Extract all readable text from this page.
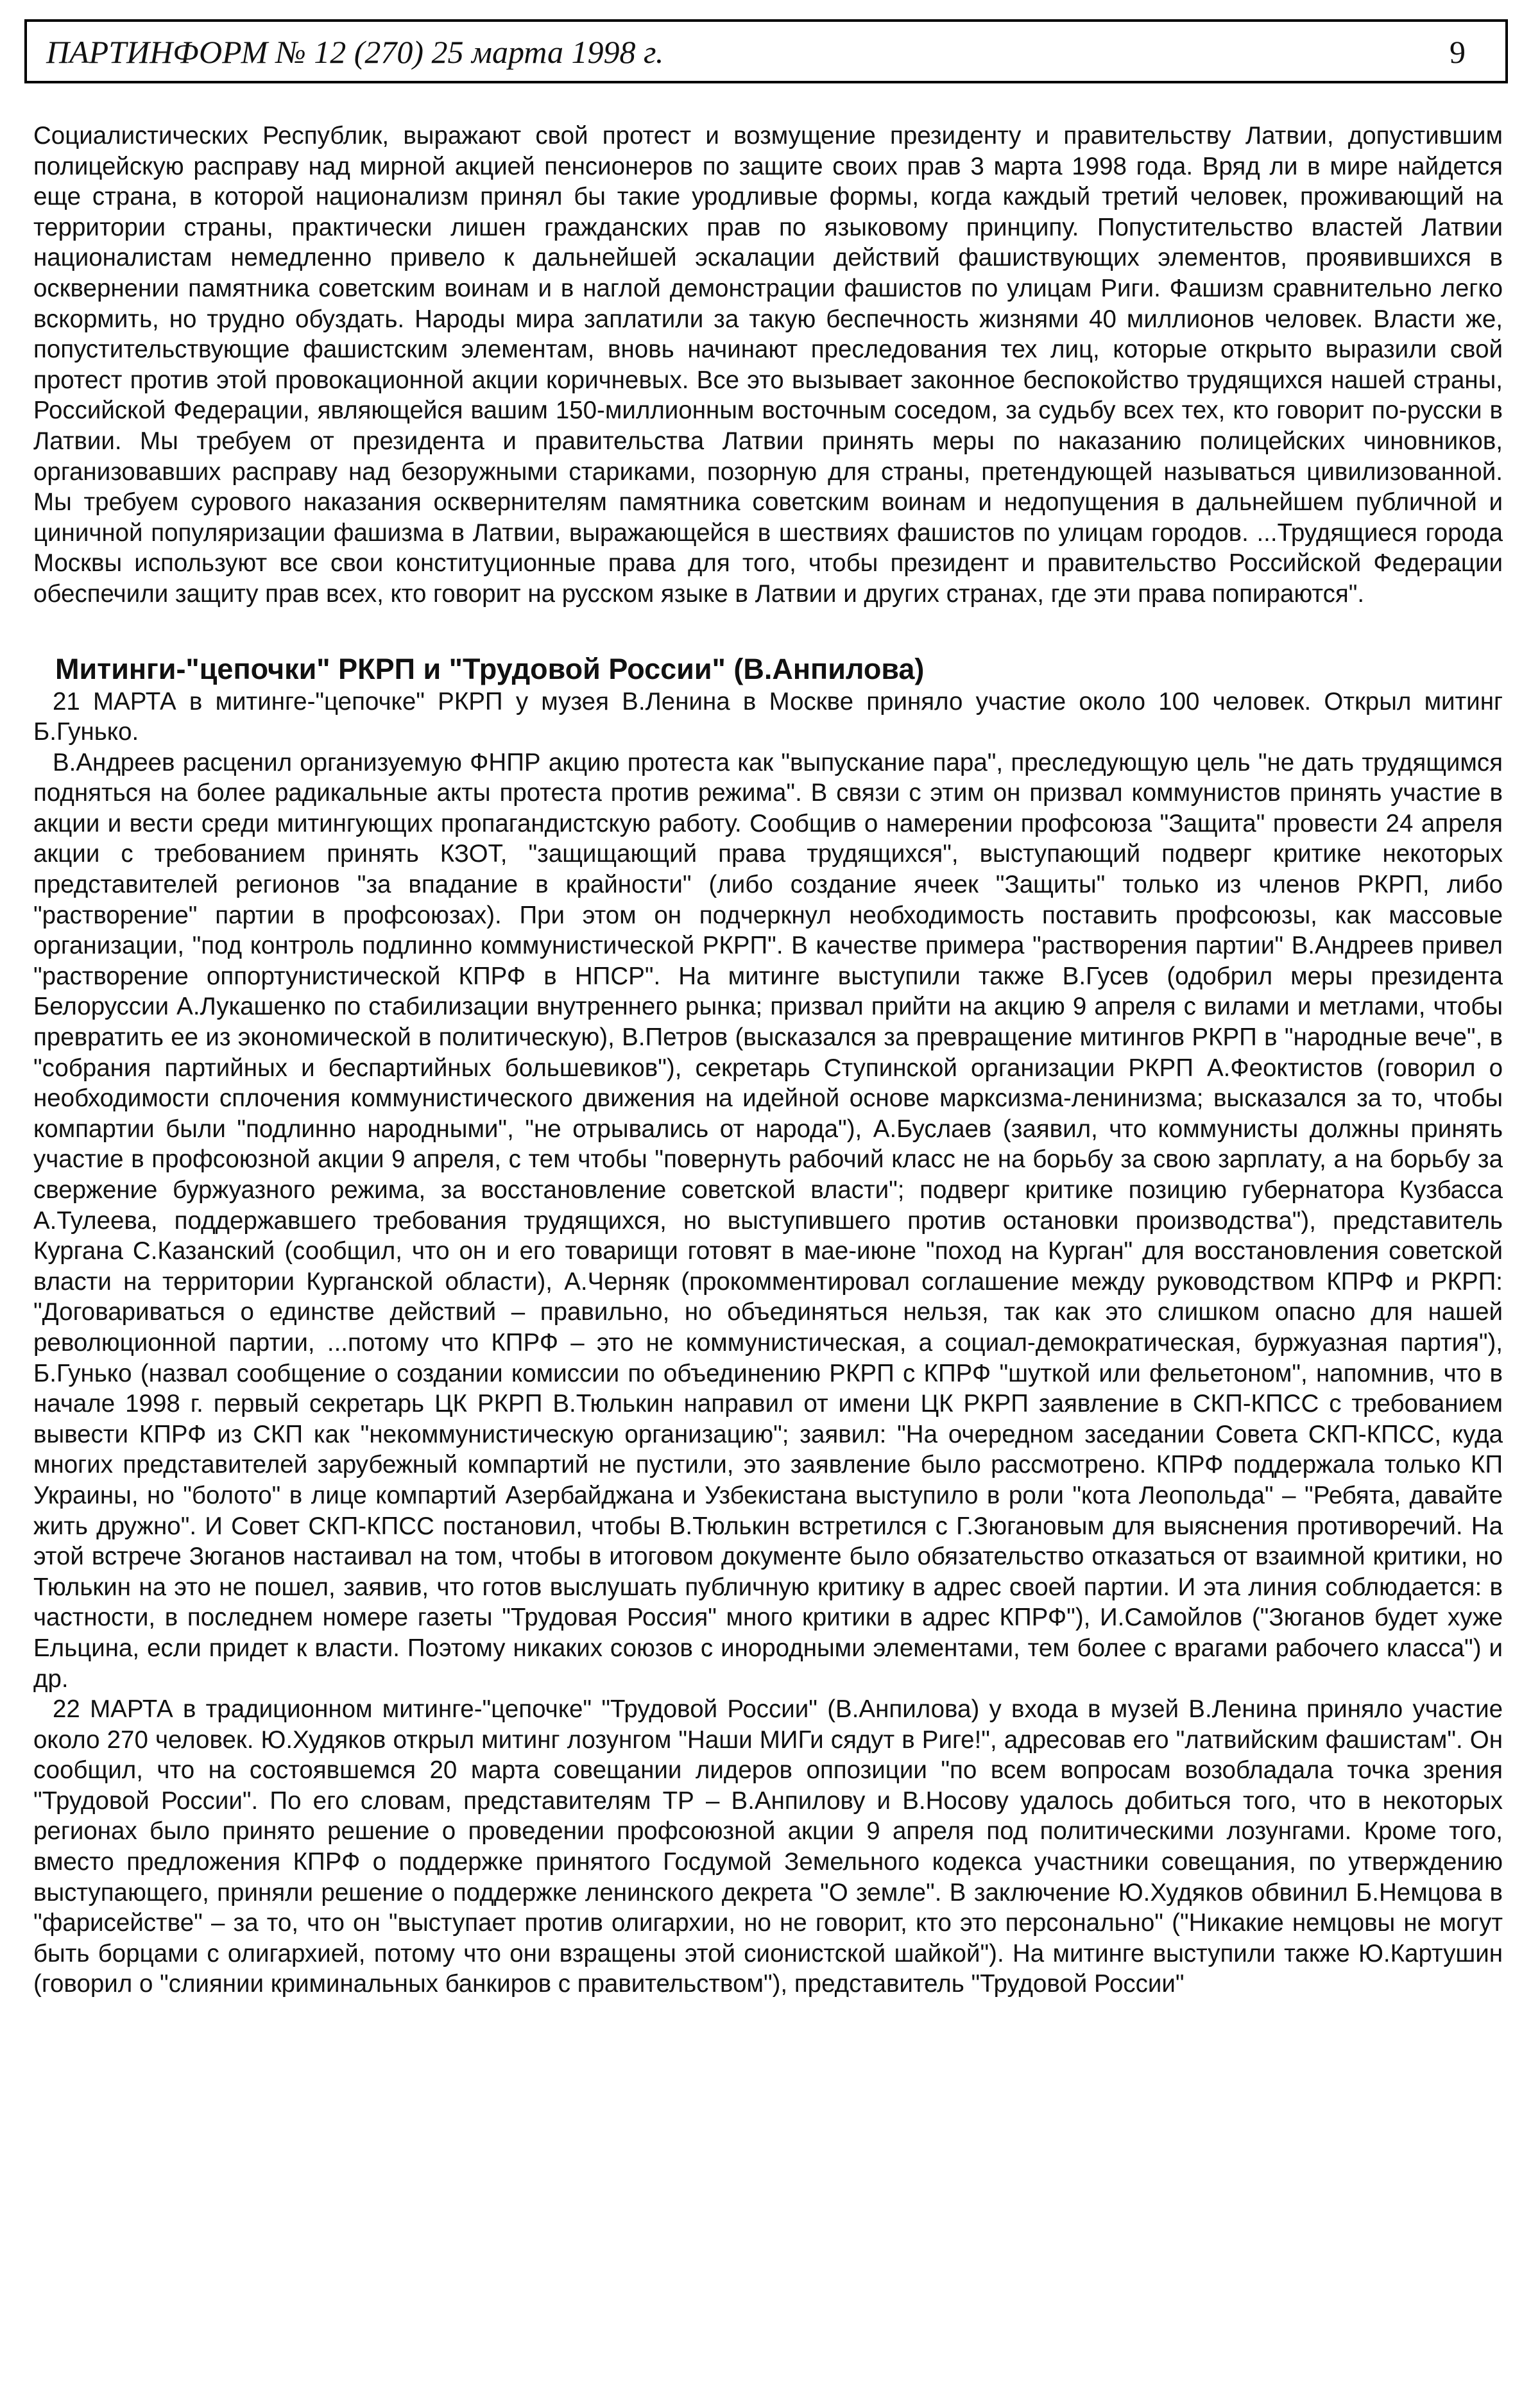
ПАРТИНФОРМ № 12 (270) 25 марта 1998 г.	9

Социалистических Республик, выражают свой протест и возмущение президенту и правительству Латвии, допустившим полицейскую расправу над мирной акцией пенсионеров по защите своих прав 3 марта 1998 года. Вряд ли в мире найдется еще страна, в которой национализм принял бы такие уродливые формы, когда каждый третий человек, проживающий на территории страны, практически лишен гражданских прав по языковому принципу. Попустительство властей Латвии националистам немедленно привело к дальнейшей эскалации действий фашиствующих элементов, проявившихся в осквернении памятника советским воинам и в наглой демонстрации фашистов по улицам Риги. Фашизм сравнительно легко вскормить, но трудно обуздать. Народы мира заплатили за такую беспечность жизнями 40 миллионов человек. Власти же, попустительствующие фашистским элементам, вновь начинают преследования тех лиц, которые открыто выразили свой протест против этой провокационной акции коричневых. Все это вызывает законное беспокойство трудящихся нашей страны, Российской Федерации, являющейся вашим 150-миллионным восточным соседом, за судьбу всех тех, кто говорит по-русски в Латвии. Мы требуем от президента и правительства Латвии принять меры по наказанию полицейских чиновников, организовавших расправу над безоружными стариками, позорную для страны, претендующей называться цивилизованной. Мы требуем сурового наказания осквернителям памятника советским воинам и недопущения в дальнейшем публичной и циничной популяризации фашизма в Латвии, выражающейся в шествиях фашистов по улицам городов. ...Трудящиеся города Москвы используют все свои конституционные права для того, чтобы президент и правительство Российской Федерации обеспечили защиту прав всех, кто говорит на русском языке в Латвии и других странах, где эти права попираются".

Митинги-"цепочки" РКРП и "Трудовой России" (В.Анпилова)

21 МАРТА в митинге-"цепочке" РКРП у музея В.Ленина в Москве приняло участие около 100 человек. Открыл митинг Б.Гунько.

В.Андреев расценил организуемую ФНПР акцию протеста как "выпускание пара", преследующую цель "не дать трудящимся подняться на более радикальные акты протеста против режима". В связи с этим он призвал коммунистов принять участие в акции и вести среди митингующих пропагандистскую работу. Сообщив о намерении профсоюза "Защита" провести 24 апреля акции с требованием принять КЗОТ, "защищающий права трудящихся", выступающий подверг критике некоторых представителей регионов "за впадание в крайности" (либо создание ячеек "Защиты" только из членов РКРП, либо "растворение" партии в профсоюзах). При этом он подчеркнул необходимость поставить профсоюзы, как массовые организации, "под контроль подлинно коммунистической РКРП". В качестве примера "растворения партии" В.Андреев привел "растворение оппортунистической КПРФ в НПСР". На митинге выступили также В.Гусев (одобрил меры президента Белоруссии А.Лукашенко по стабилизации внутреннего рынка; призвал прийти на акцию 9 апреля с вилами и метлами, чтобы превратить ее из экономической в политическую), В.Петров (высказался за превращение митингов РКРП в "народные вече", в "собрания партийных и беспартийных большевиков"), секретарь Ступинской организации РКРП А.Феоктистов (говорил о необходимости сплочения коммунистического движения на идейной основе марксизма-ленинизма; высказался за то, чтобы компартии были "подлинно народными", "не отрывались от народа"), А.Буслаев (заявил, что коммунисты должны принять участие в профсоюзной акции 9 апреля, с тем чтобы "повернуть рабочий класс не на борьбу за свою зарплату, а на борьбу за свержение буржуазного режима, за восстановление советской власти"; подверг критике позицию губернатора Кузбасса А.Тулеева, поддержавшего требования трудящихся, но выступившего против остановки производства"), представитель Кургана С.Казанский (сообщил, что он и его товарищи готовят в мае-июне "поход на Курган" для восстановления советской власти на территории Курганской области), А.Черняк (прокомментировал соглашение между руководством КПРФ и РКРП: "Договариваться о единстве действий – правильно, но объединяться нельзя, так как это слишком опасно для нашей революционной партии, ...потому что КПРФ – это не коммунистическая, а социал-демократическая, буржуазная партия"), Б.Гунько (назвал сообщение о создании комиссии по объединению РКРП с КПРФ "шуткой или фельетоном", напомнив, что в начале 1998 г. первый секретарь ЦК РКРП В.Тюлькин направил от имени ЦК РКРП заявление в СКП-КПСС с требованием вывести КПРФ из СКП как "некоммунистическую организацию"; заявил: "На очередном заседании Совета СКП-КПСС, куда многих представителей зарубежный компартий не пустили, это заявление было рассмотрено. КПРФ поддержала только КП Украины, но "болото" в лице компартий Азербайджана и Узбекистана выступило в роли "кота Леопольда" – "Ребята, давайте жить дружно". И Совет СКП-КПСС постановил, чтобы В.Тюлькин встретился с Г.Зюгановым для выяснения противоречий. На этой встрече Зюганов настаивал на том, чтобы в итоговом документе было обязательство отказаться от взаимной критики, но Тюлькин на это не пошел, заявив, что готов выслушать публичную критику в адрес своей партии. И эта линия соблюдается: в частности, в последнем номере газеты "Трудовая Россия" много критики в адрес КПРФ"), И.Самойлов ("Зюганов будет хуже Ельцина, если придет к власти. Поэтому никаких союзов с инородными элементами, тем более с врагами рабочего класса") и др.

22 МАРТА в традиционном митинге-"цепочке" "Трудовой России" (В.Анпилова) у входа в музей В.Ленина приняло участие около 270 человек. Ю.Худяков открыл митинг лозунгом "Наши МИГи сядут в Риге!", адресовав его "латвийским фашистам". Он сообщил, что на состоявшемся 20 марта совещании лидеров оппозиции "по всем вопросам возобладала точка зрения "Трудовой России". По его словам, представителям ТР – В.Анпилову и В.Носову удалось добиться того, что в некоторых регионах было принято решение о проведении профсоюзной акции 9 апреля под политическими лозунгами. Кроме того, вместо предложения КПРФ о поддержке принятого Госдумой Земельного кодекса участники совещания, по утверждению выступающего, приняли решение о поддержке ленинского декрета "О земле". В заключение Ю.Худяков обвинил Б.Немцова в "фарисействе" – за то, что он "выступает против олигархии, но не говорит, кто это персонально" ("Никакие немцовы не могут быть борцами с олигархией, потому что они взращены этой сионистской шайкой"). На митинге выступили также Ю.Картушин (говорил о "слиянии криминальных банкиров с правительством"), представитель "Трудовой России"
